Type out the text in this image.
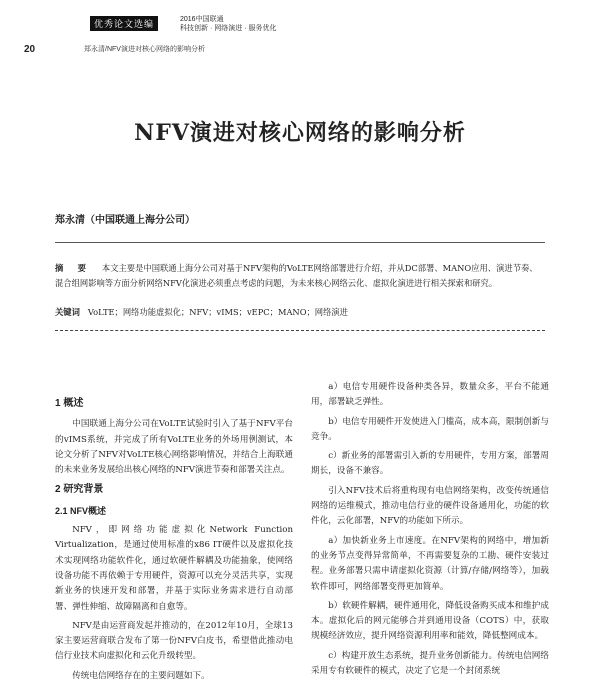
优秀论文选编
2016中国联通
科技创新 · 网络演进 · 服务优化
20	郑永清/NFV演进对核心网络的影响分析
NFV演进对核心网络的影响分析
郑永清（中国联通上海分公司）
摘 要 本文主要是中国联通上海分公司对基于NFV架构的VoLTE网络部署进行介绍，并从DC部署、MANO应用、演进节奏、混合组网影响等方面分析网络NFV化演进必须重点考虑的问题，为未来核心网络云化、虚拟化演进进行相关探索和研究。
关键词 VoLTE；网络功能虚拟化；NFV；vIMS；vEPC；MANO；网络演进
1 概述

中国联通上海分公司在VoLTE试验时引入了基于NFV平台的vIMS系统，并完成了所有VoLTE业务的外场用例测试，本论文分析了NFV对VoLTE核心网络影响情况，并结合上海联通的未来业务发展给出核心网络的NFV演进节奏和部署关注点。

2 研究背景
2.1 NFV概述

NFV，即网络功能虚拟化Network Function Virtualization，是通过使用标准的x86 IT硬件以及虚拟化技术实现网络功能软件化，通过软硬件解耦及功能抽象，使网络设备功能不再依赖于专用硬件，资源可以充分灵活共享，实现新业务的快速开发和部署，并基于实际业务需求进行自动部署、弹性伸缩、故障隔离和自愈等。

NFV是由运营商发起并推动的，在2012年10月，全球13家主要运营商联合发布了第一份NFV白皮书，希望借此推动电信行业技术向虚拟化和云化升级转型。

传统电信网络存在的主要问题如下。

a）电信专用硬件设备种类各异，数量众多，平台不能通用，部署缺乏弹性。

b）电信专用硬件开发使进入门槛高，成本高，限制创新与竞争。

c）新业务的部署需引入新的专用硬件，专用方案，部署周期长，设备不兼容。

引入NFV技术后将重构现有电信网络架构，改变传统通信网络的运维模式，推动电信行业的硬件设备通用化，功能的软件化，云化部署，NFV的功能如下所示。

a）加快新业务上市速度。在NFV架构的网络中，增加新的业务节点变得异常简单，不再需要复杂的工勘、硬件安装过程。业务部署只需申请虚拟化资源（计算/存储/网络等），加载软件即可，网络部署变得更加简单。

b）软硬件解耦，硬件通用化，降低设备购买成本和维护成本。虚拟化后的网元能够合并到通用设备（COTS）中，获取规模经济效应，提升网络资源利用率和能效，降低整网成本。

c）构建开放生态系统，提升业务创新能力。传统电信网络采用专有软硬件的模式，决定了它是一个封闭系统
